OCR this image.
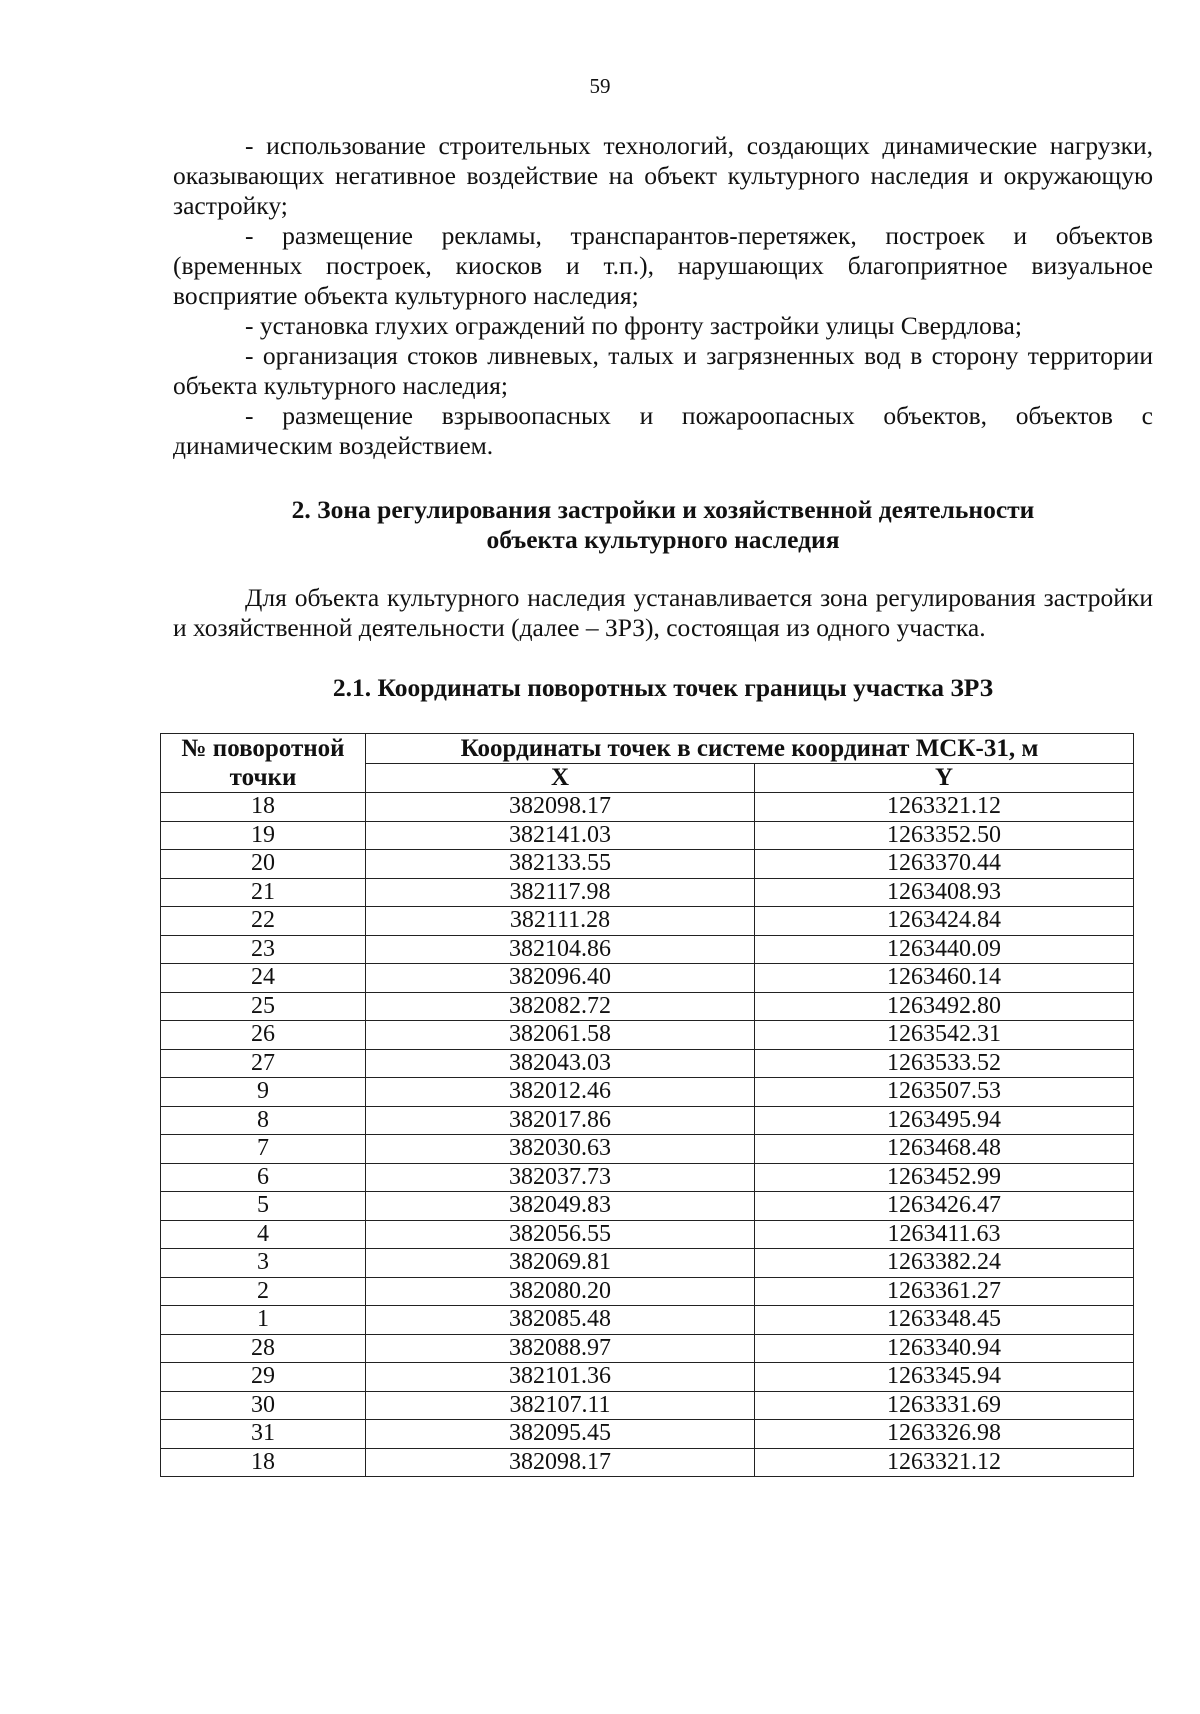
59

- использование строительных технологий, создающих динамические нагрузки, оказывающих негативное воздействие на объект культурного наследия и окружающую застройку;

- размещение рекламы, транспарантов-перетяжек, построек и объектов (временных построек, киосков и т.п.), нарушающих благоприятное визуальное восприятие объекта культурного наследия;

- установка глухих ограждений по фронту застройки улицы Свердлова;

- организация стоков ливневых, талых и загрязненных вод в сторону территории объекта культурного наследия;

- размещение взрывоопасных и пожароопасных объектов, объектов с динамическим воздействием.

2. Зона регулирования застройки и хозяйственной деятельности
объекта культурного наследия

Для объекта культурного наследия устанавливается зона регулирования застройки и хозяйственной деятельности (далее – ЗРЗ), состоящая из одного участка.

2.1. Координаты поворотных точек границы участка ЗРЗ
№ поворотной точки	Координаты точек в системе координат МСК-31, м	
	X	Y
18	382098.17	1263321.12
19	382141.03	1263352.50
20	382133.55	1263370.44
21	382117.98	1263408.93
22	382111.28	1263424.84
23	382104.86	1263440.09
24	382096.40	1263460.14
25	382082.72	1263492.80
26	382061.58	1263542.31
27	382043.03	1263533.52
9	382012.46	1263507.53
8	382017.86	1263495.94
7	382030.63	1263468.48
6	382037.73	1263452.99
5	382049.83	1263426.47
4	382056.55	1263411.63
3	382069.81	1263382.24
2	382080.20	1263361.27
1	382085.48	1263348.45
28	382088.97	1263340.94
29	382101.36	1263345.94
30	382107.11	1263331.69
31	382095.45	1263326.98
18	382098.17	1263321.12
